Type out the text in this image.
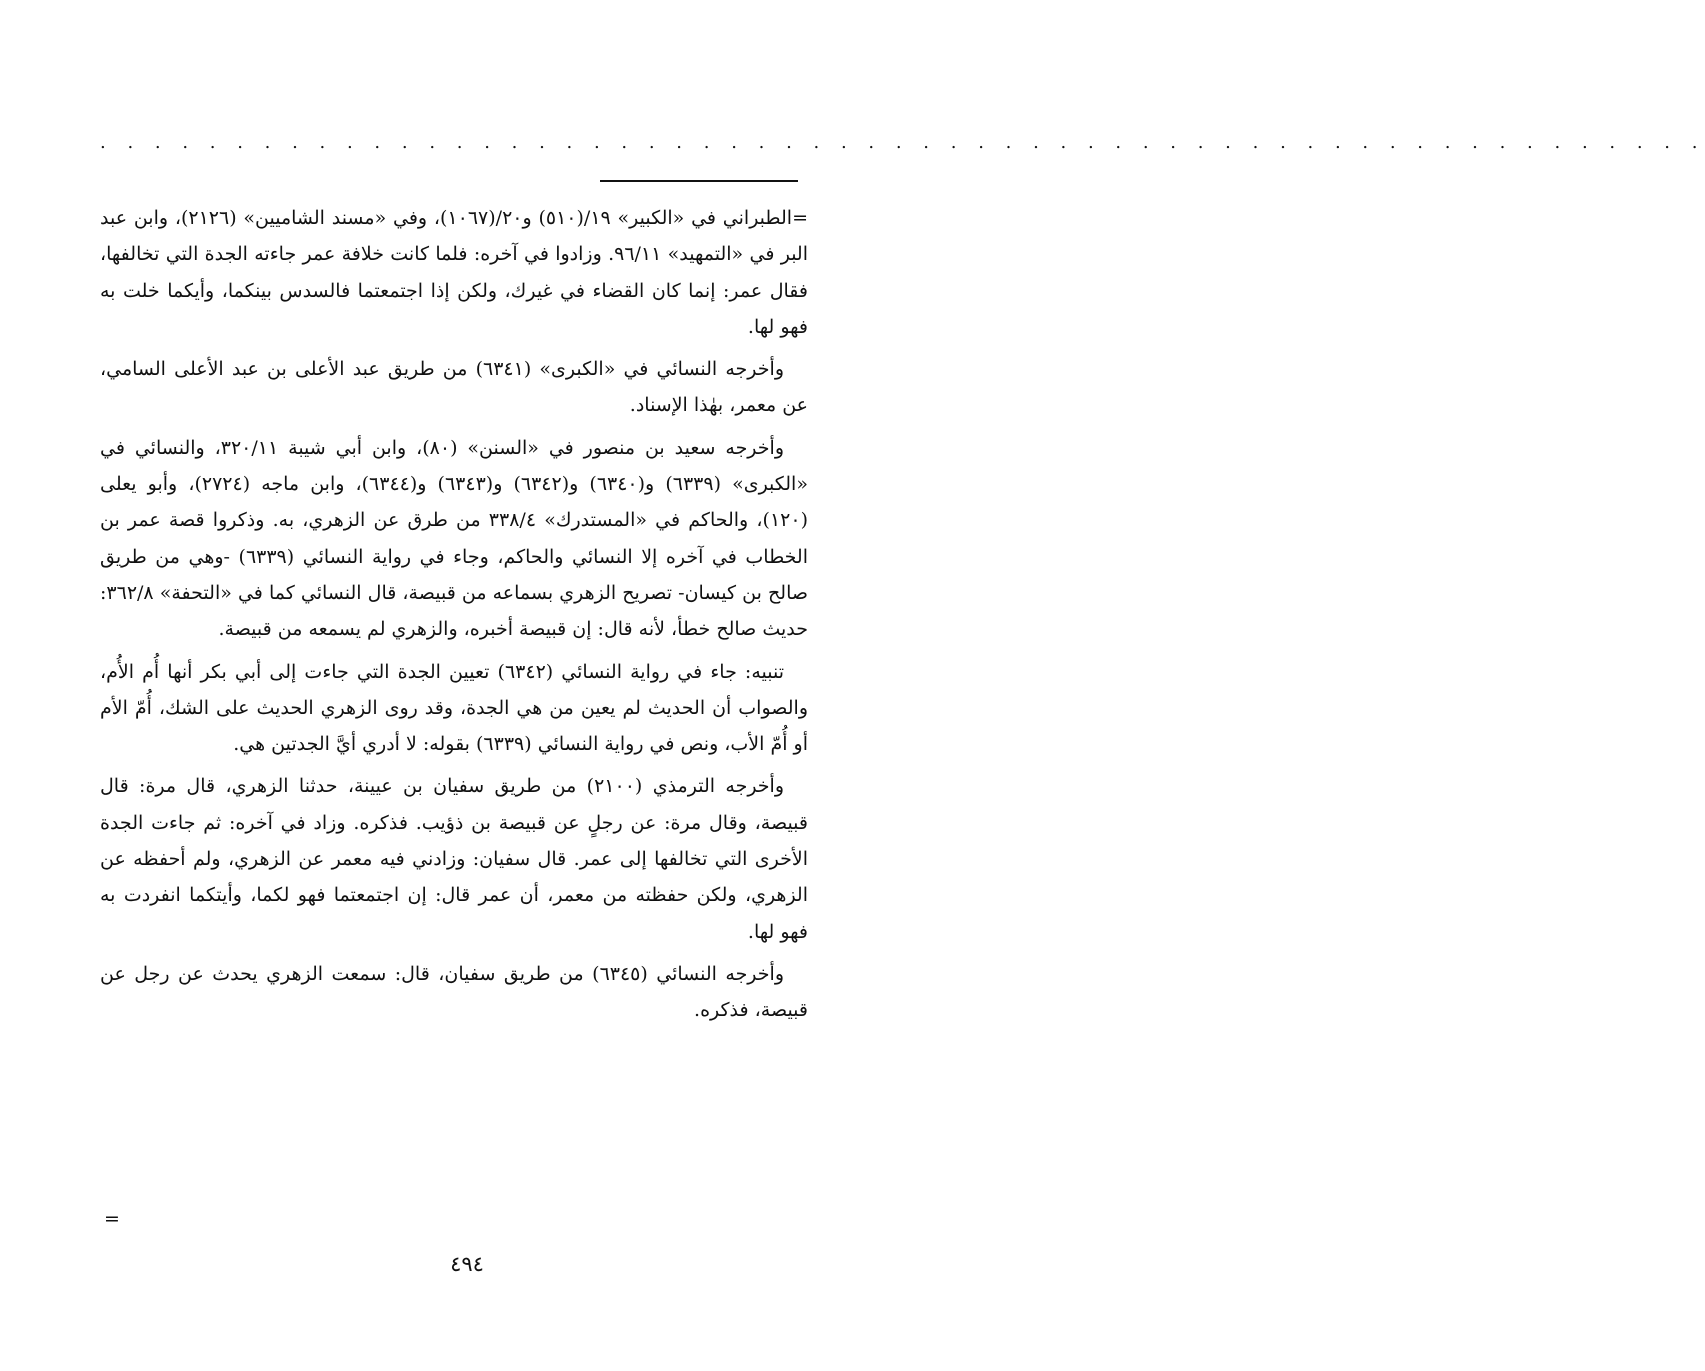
. . . . . . . . . . . . . . . . . . . . . . . . . . . . . . . . . . . . . . . . . . . . . . . . . . . . . . . . . . .

=الطبراني في «الكبير» ١٩/(٥١٠) و٢٠/(١٠٦٧)، وفي «مسند الشاميين» (٢١٢٦)، وابن عبد البر في «التمهيد» ٩٦/١١. وزادوا في آخره: فلما كانت خلافة عمر جاءته الجدة التي تخالفها، فقال عمر: إنما كان القضاء في غيرك، ولكن إذا اجتمعتما فالسدس بينكما، وأيكما خلت به فهو لها.

وأخرجه النسائي في «الكبرى» (٦٣٤١) من طريق عبد الأعلى بن عبد الأعلى السامي، عن معمر، بهٰذا الإسناد.

وأخرجه سعيد بن منصور في «السنن» (٨٠)، وابن أبي شيبة ٣٢٠/١١، والنسائي في «الكبرى» (٦٣٣٩) و(٦٣٤٠) و(٦٣٤٢) و(٦٣٤٣) و(٦٣٤٤)، وابن ماجه (٢٧٢٤)، وأبو يعلى (١٢٠)، والحاكم في «المستدرك» ٣٣٨/٤ من طرق عن الزهري، به. وذكروا قصة عمر بن الخطاب في آخره إلا النسائي والحاكم، وجاء في رواية النسائي (٦٣٣٩) -وهي من طريق صالح بن كيسان- تصريح الزهري بسماعه من قبيصة، قال النسائي كما في «التحفة» ٣٦٢/٨: حديث صالح خطأ، لأنه قال: إن قبيصة أخبره، والزهري لم يسمعه من قبيصة.

تنبيه: جاء في رواية النسائي (٦٣٤٢) تعيين الجدة التي جاءت إلى أبي بكر أنها أُم الأُم، والصواب أن الحديث لم يعين من هي الجدة، وقد روى الزهري الحديث على الشك، أُمّ الأم أو أُمّ الأب، ونص في رواية النسائي (٦٣٣٩) بقوله: لا أدري أيَّ الجدتين هي.

وأخرجه الترمذي (٢١٠٠) من طريق سفيان بن عيينة، حدثنا الزهري، قال مرة: قال قبيصة، وقال مرة: عن رجلٍ عن قبيصة بن ذؤيب. فذكره. وزاد في آخره: ثم جاءت الجدة الأخرى التي تخالفها إلى عمر. قال سفيان: وزادني فيه معمر عن الزهري، ولم أحفظه عن الزهري، ولكن حفظته من معمر، أن عمر قال: إن اجتمعتما فهو لكما، وأيتكما انفردت به فهو لها.

وأخرجه النسائي (٦٣٤٥) من طريق سفيان، قال: سمعت الزهري يحدث عن رجل عن قبيصة، فذكره.

=
٤٩٤
